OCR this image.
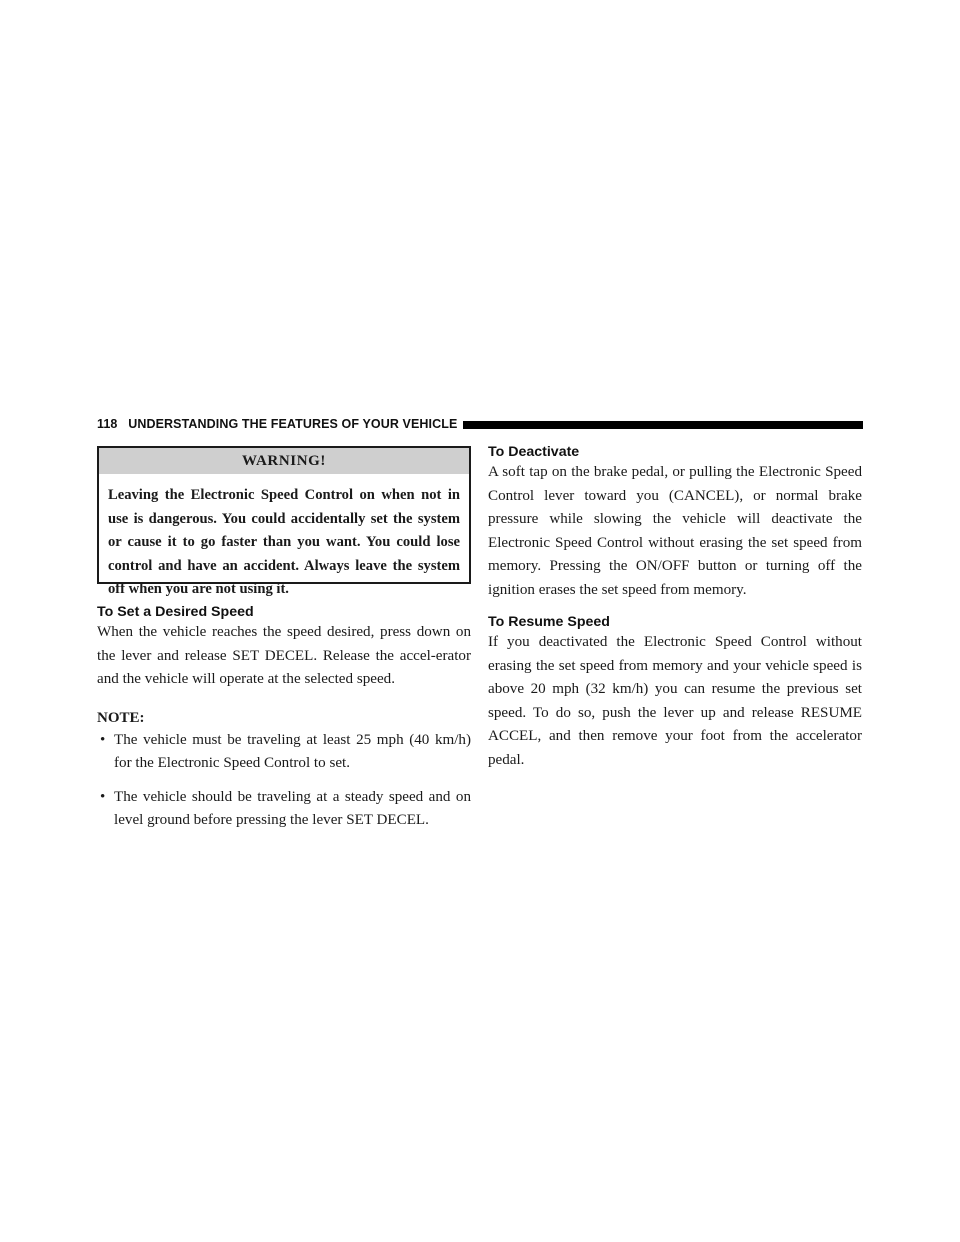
118 UNDERSTANDING THE FEATURES OF YOUR VEHICLE
WARNING!
Leaving the Electronic Speed Control on when not in use is dangerous. You could accidentally set the system or cause it to go faster than you want. You could lose control and have an accident. Always leave the system off when you are not using it.
To Set a Desired Speed

When the vehicle reaches the speed desired, press down on the lever and release SET DECEL. Release the accel-erator and the vehicle will operate at the selected speed.

NOTE:
• The vehicle must be traveling at least 25 mph (40 km/h) for the Electronic Speed Control to set.
• The vehicle should be traveling at a steady speed and on level ground before pressing the lever SET DECEL.
To Deactivate

A soft tap on the brake pedal, or pulling the Electronic Speed Control lever toward you (CANCEL), or normal brake pressure while slowing the vehicle will deactivate the Electronic Speed Control without erasing the set speed from memory. Pressing the ON/OFF button or turning off the ignition erases the set speed from memory.

To Resume Speed

If you deactivated the Electronic Speed Control without erasing the set speed from memory and your vehicle speed is above 20 mph (32 km/h) you can resume the previous set speed. To do so, push the lever up and release RESUME ACCEL, and then remove your foot from the accelerator pedal.
